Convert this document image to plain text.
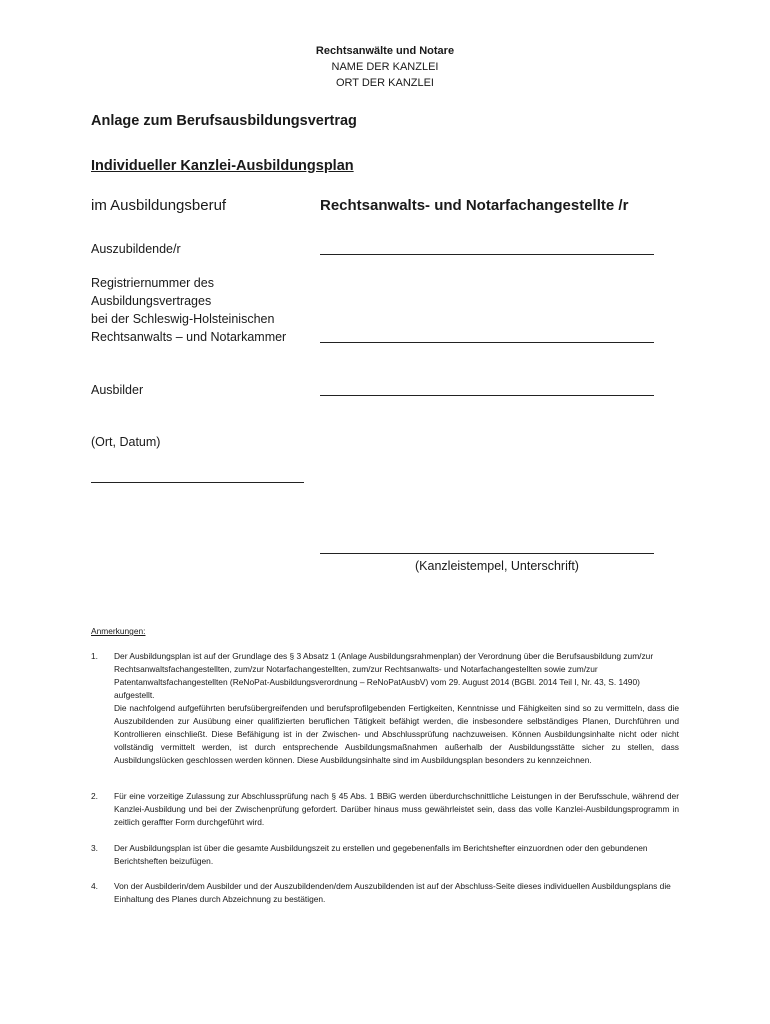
Rechtsanwälte und Notare
NAME DER KANZLEI
ORT DER KANZLEI
Anlage zum Berufsausbildungsvertrag
Individueller Kanzlei-Ausbildungsplan
im Ausbildungsberuf	Rechtsanwalts- und Notarfachangestellte /r
Auszubildende/r
Registriernummer des
Ausbildungsvertrages
bei der Schleswig-Holsteinischen
Rechtsanwalts – und Notarkammer
Ausbilder
(Ort, Datum)
(Kanzleistempel, Unterschrift)
Anmerkungen:
1. Der Ausbildungsplan ist auf der Grundlage des § 3 Absatz 1 (Anlage Ausbildungsrahmenplan) der Verordnung über die Berufsausbildung zum/zur Rechtsanwaltsfachangestellten, zum/zur Notarfachangestellten, zum/zur Rechtsanwalts- und Notarfachangestellten sowie zum/zur Patentanwaltsfachangestellten (ReNoPat-Ausbildungsverordnung – ReNoPatAusbV) vom 29. August 2014 (BGBl. 2014 Teil I, Nr. 43, S. 1490) aufgestellt.

Die nachfolgend aufgeführten berufsübergreifenden und berufsprofilgebenden Fertigkeiten, Kenntnisse und Fähigkeiten sind so zu vermitteln, dass die Auszubildenden zur Ausübung einer qualifizierten beruflichen Tätigkeit befähigt werden, die insbesondere selbständiges Planen, Durchführen und Kontrollieren einschließt. Diese Befähigung ist in der Zwischen- und Abschlussprüfung nachzuweisen. Können Ausbildungsinhalte nicht oder nicht vollständig vermittelt werden, ist durch entsprechende Ausbildungsmaßnahmen außerhalb der Ausbildungsstätte sicher zu stellen, dass Ausbildungslücken geschlossen werden können. Diese Ausbildungsinhalte sind im Ausbildungsplan besonders zu kennzeichnen.

2. Für eine vorzeitige Zulassung zur Abschlussprüfung nach § 45 Abs. 1 BBiG werden überdurchschnittliche Leistungen in der Berufsschule, während der Kanzlei-Ausbildung und bei der Zwischenprüfung gefordert. Darüber hinaus muss gewährleistet sein, dass das volle Kanzlei-Ausbildungsprogramm in zeitlich geraffter Form durchgeführt wird.

3. Der Ausbildungsplan ist über die gesamte Ausbildungszeit zu erstellen und gegebenenfalls im Berichtshefter einzuordnen oder den gebundenen Berichtsheften beizufügen.

4. Von der Ausbilderin/dem Ausbilder und der Auszubildenden/dem Auszubildenden ist auf der Abschluss-Seite dieses individuellen Ausbildungsplans die Einhaltung des Planes durch Abzeichnung zu bestätigen.
